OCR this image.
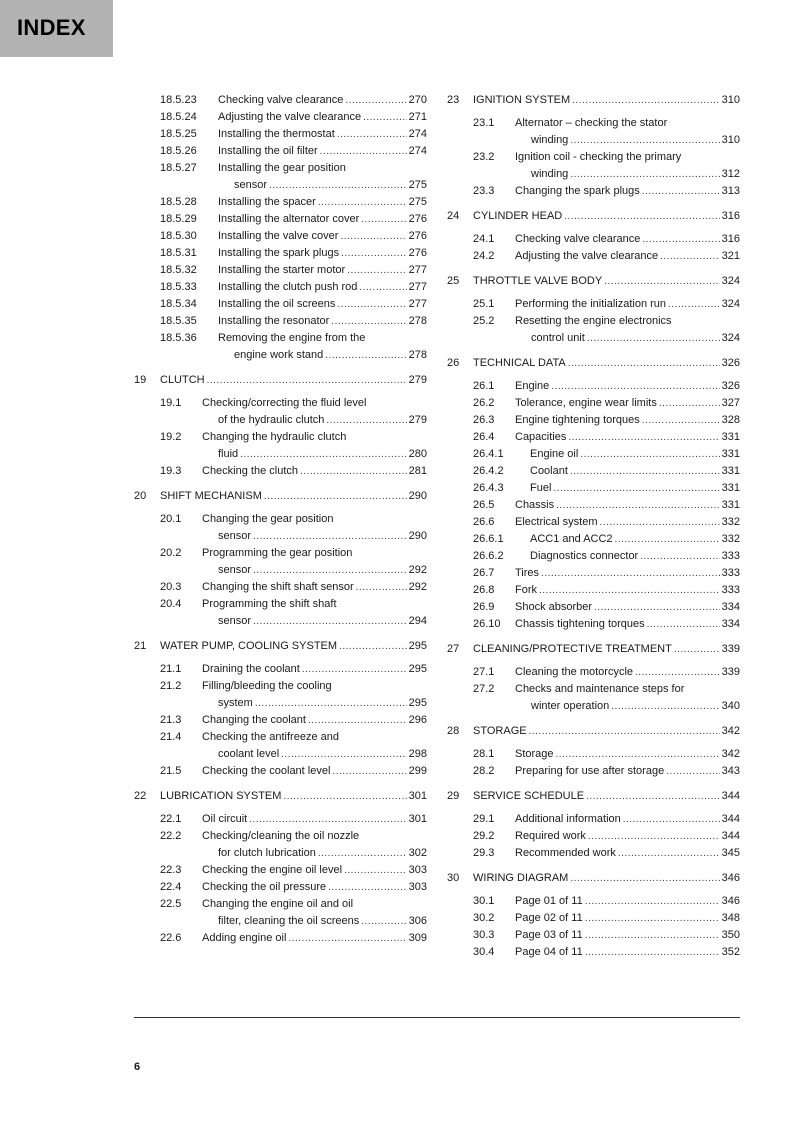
INDEX
18.5.23 Checking valve clearance .....	270
18.5.24 Adjusting the valve clearance .....	271
18.5.25 Installing the thermostat .....	274
18.5.26 Installing the oil filter .....	274
18.5.27 Installing the gear position
sensor .....	275
18.5.28 Installing the spacer .....	275
18.5.29 Installing the alternator cover .....	276
18.5.30 Installing the valve cover .....	276
18.5.31 Installing the spark plugs .....	276
18.5.32 Installing the starter motor .....	277
18.5.33 Installing the clutch push rod .....	277
18.5.34 Installing the oil screens .....	277
18.5.35 Installing the resonator .....	278
18.5.36 Removing the engine from the
engine work stand .....	278
19 CLUTCH .....	279
19.1 Checking/correcting the fluid level
of the hydraulic clutch .....	279
19.2 Changing the hydraulic clutch
fluid .....	280
19.3 Checking the clutch .....	281
20 SHIFT MECHANISM .....	290
20.1 Changing the gear position
sensor .....	290
20.2 Programming the gear position
sensor .....	292
20.3 Changing the shift shaft sensor .....	292
20.4 Programming the shift shaft
sensor .....	294
21 WATER PUMP, COOLING SYSTEM .....	295
21.1 Draining the coolant .....	295
21.2 Filling/bleeding the cooling
system .....	295
21.3 Changing the coolant .....	296
21.4 Checking the antifreeze and
coolant level .....	298
21.5 Checking the coolant level .....	299
22 LUBRICATION SYSTEM .....	301
22.1 Oil circuit .....	301
22.2 Checking/cleaning the oil nozzle
for clutch lubrication .....	302
22.3 Checking the engine oil level .....	303
22.4 Checking the oil pressure .....	303
22.5 Changing the engine oil and oil
filter, cleaning the oil screens .....	306
22.6 Adding engine oil .....	309
23 IGNITION SYSTEM .....	310
23.1 Alternator – checking the stator
winding .....	310
23.2 Ignition coil - checking the primary
winding .....	312
23.3 Changing the spark plugs .....	313
24 CYLINDER HEAD .....	316
24.1 Checking valve clearance .....	316
24.2 Adjusting the valve clearance .....	321
25 THROTTLE VALVE BODY .....	324
25.1 Performing the initialization run .....	324
25.2 Resetting the engine electronics
control unit .....	324
26 TECHNICAL DATA .....	326
26.1 Engine .....	326
26.2 Tolerance, engine wear limits .....	327
26.3 Engine tightening torques .....	328
26.4 Capacities .....	331
26.4.1 Engine oil .....	331
26.4.2 Coolant .....	331
26.4.3 Fuel .....	331
26.5 Chassis .....	331
26.6 Electrical system .....	332
26.6.1 ACC1 and ACC2 .....	332
26.6.2 Diagnostics connector .....	333
26.7 Tires .....	333
26.8 Fork .....	333
26.9 Shock absorber .....	334
26.10 Chassis tightening torques .....	334
27 CLEANING/PROTECTIVE TREATMENT .....	339
27.1 Cleaning the motorcycle .....	339
27.2 Checks and maintenance steps for
winter operation .....	340
28 STORAGE .....	342
28.1 Storage .....	342
28.2 Preparing for use after storage .....	343
29 SERVICE SCHEDULE .....	344
29.1 Additional information .....	344
29.2 Required work .....	344
29.3 Recommended work .....	345
30 WIRING DIAGRAM .....	346
30.1 Page 01 of 11 .....	346
30.2 Page 02 of 11 .....	348
30.3 Page 03 of 11 .....	350
30.4 Page 04 of 11 .....	352
6
